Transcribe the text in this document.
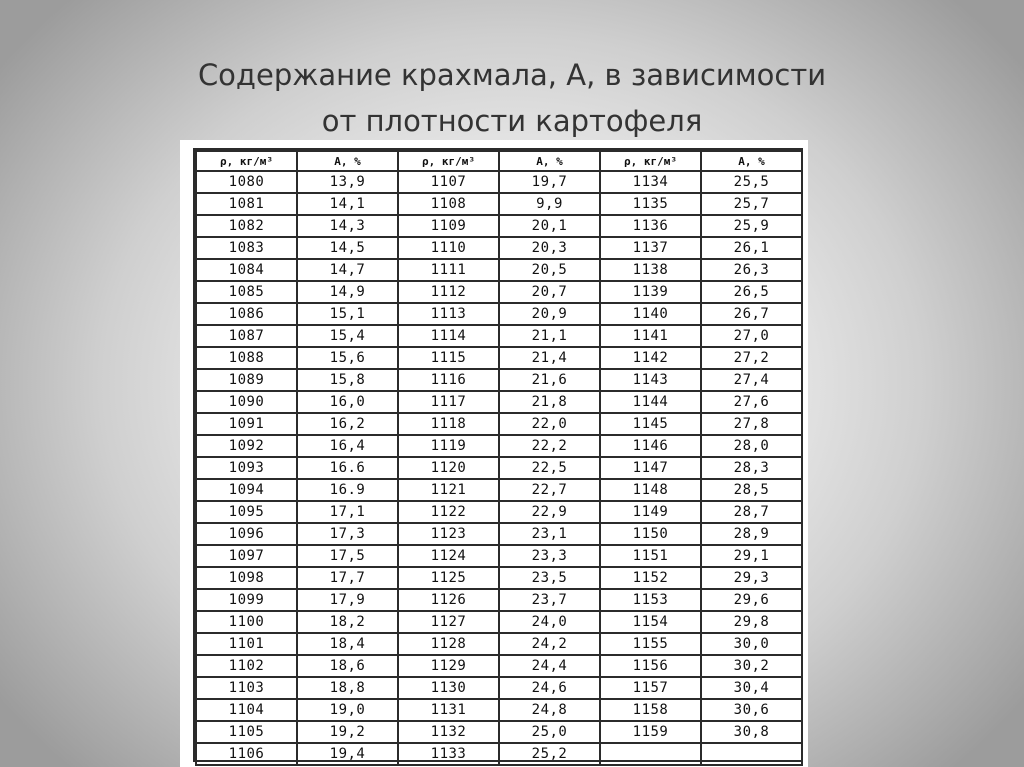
Содержание крахмала, А, в зависимости
от плотности картофеля
ρ, кг/м³	А, %	ρ, кг/м³	А, %	ρ, кг/м³	А, %
1080	13,9	1107	19,7	1134	25,5
1081	14,1	1108	9,9	1135	25,7
1082	14,3	1109	20,1	1136	25,9
1083	14,5	1110	20,3	1137	26,1
1084	14,7	1111	20,5	1138	26,3
1085	14,9	1112	20,7	1139	26,5
1086	15,1	1113	20,9	1140	26,7
1087	15,4	1114	21,1	1141	27,0
1088	15,6	1115	21,4	1142	27,2
1089	15,8	1116	21,6	1143	27,4
1090	16,0	1117	21,8	1144	27,6
1091	16,2	1118	22,0	1145	27,8
1092	16,4	1119	22,2	1146	28,0
1093	16.6	1120	22,5	1147	28,3
1094	16.9	1121	22,7	1148	28,5
1095	17,1	1122	22,9	1149	28,7
1096	17,3	1123	23,1	1150	28,9
1097	17,5	1124	23,3	1151	29,1
1098	17,7	1125	23,5	1152	29,3
1099	17,9	1126	23,7	1153	29,6
1100	18,2	1127	24,0	1154	29,8
1101	18,4	1128	24,2	1155	30,0
1102	18,6	1129	24,4	1156	30,2
1103	18,8	1130	24,6	1157	30,4
1104	19,0	1131	24,8	1158	30,6
1105	19,2	1132	25,0	1159	30,8
1106	19,4	1133	25,2		
